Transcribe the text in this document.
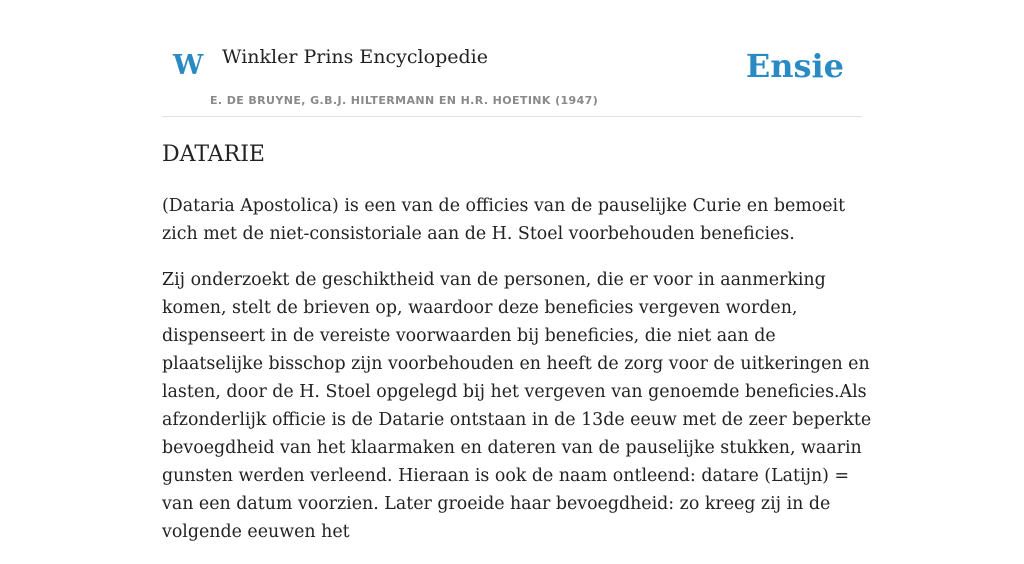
W Winkler Prins Encyclopedie
E. DE BRUYNE, G.B.J. HILTERMANN EN H.R. HOETINK (1947)
Ensie
DATARIE

(Dataria Apostolica) is een van de officies van de pauselijke Curie en bemoeit zich met de niet-consistoriale aan de H. Stoel voorbehouden beneficies.

Zij onderzoekt de geschiktheid van de personen, die er voor in aanmerking komen, stelt de brieven op, waardoor deze beneficies vergeven worden, dispenseert in de vereiste voorwaarden bij beneficies, die niet aan de plaatselijke bisschop zijn voorbehouden en heeft de zorg voor de uitkeringen en lasten, door de H. Stoel opgelegd bij het vergeven van genoemde beneficies.Als afzonderlijk officie is de Datarie ontstaan in de 13de eeuw met de zeer beperkte bevoegdheid van het klaarmaken en dateren van de pauselijke stukken, waarin gunsten werden verleend. Hieraan is ook de naam ontleend: datare (Latijn) = van een datum voorzien. Later groeide haar bevoegdheid: zo kreeg zij in de volgende eeuwen het
